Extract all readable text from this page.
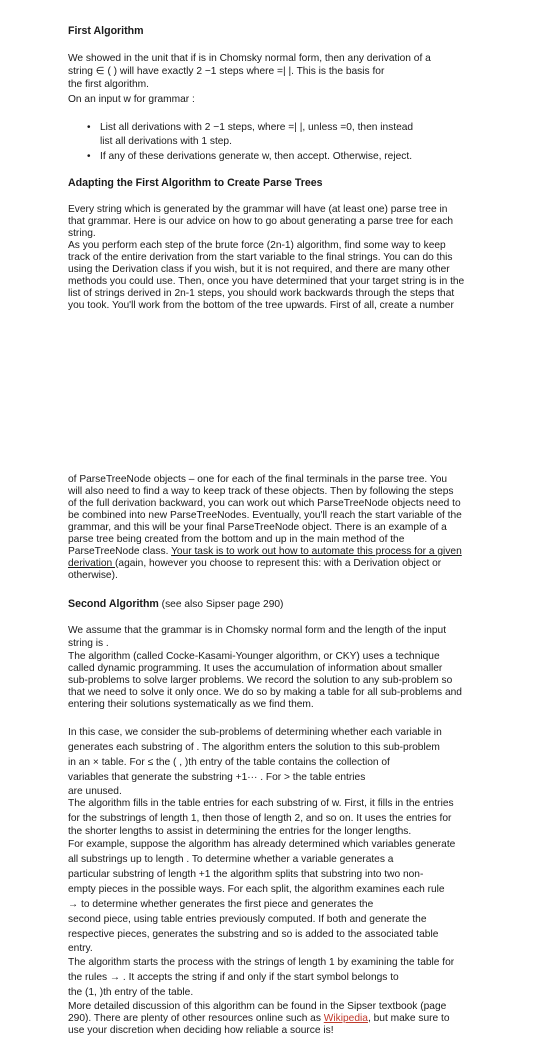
First Algorithm
We showed in the unit that if is in Chomsky normal form, then any derivation of a
string ∈ ( ) will have exactly 2 −1 steps where =| |. This is the basis for
the first algorithm.
On an input w for grammar :
• List all derivations with 2 −1 steps, where =| |, unless =0, then instead
list all derivations with 1 step.
• If any of these derivations generate w, then accept. Otherwise, reject.
Adapting the First Algorithm to Create Parse Trees
Every string which is generated by the grammar will have (at least one) parse tree in
that grammar. Here is our advice on how to go about generating a parse tree for each
string.
As you perform each step of the brute force (2n-1) algorithm, find some way to keep
track of the entire derivation from the start variable to the final strings. You can do this
using the Derivation class if you wish, but it is not required, and there are many other
methods you could use. Then, once you have determined that your target string is in the
list of strings derived in 2n-1 steps, you should work backwards through the steps that
you took. You'll work from the bottom of the tree upwards. First of all, create a number
of ParseTreeNode objects – one for each of the final terminals in the parse tree. You
will also need to find a way to keep track of these objects. Then by following the steps
of the full derivation backward, you can work out which ParseTreeNode objects need to
be combined into new ParseTreeNodes. Eventually, you'll reach the start variable of the
grammar, and this will be your final ParseTreeNode object. There is an example of a
parse tree being created from the bottom and up in the main method of the
ParseTreeNode class. Your task is to work out how to automate this process for a given
derivation (again, however you choose to represent this: with a Derivation object or
otherwise).
Second Algorithm (see also Sipser page 290)
We assume that the grammar is in Chomsky normal form and the length of the input
string is .
The algorithm (called Cocke-Kasami-Younger algorithm, or CKY) uses a technique
called dynamic programming. It uses the accumulation of information about smaller
sub-problems to solve larger problems. We record the solution to any sub-problem so
that we need to solve it only once. We do so by making a table for all sub-problems and
entering their solutions systematically as we find them.
In this case, we consider the sub-problems of determining whether each variable in
generates each substring of . The algorithm enters the solution to this sub-problem
in an × table. For ≤ the ( , )th entry of the table contains the collection of
variables that generate the substring +1··· . For > the table entries
are unused.
The algorithm fills in the table entries for each substring of w. First, it fills in the entries
for the substrings of length 1, then those of length 2, and so on. It uses the entries for
the shorter lengths to assist in determining the entries for the longer lengths.
For example, suppose the algorithm has already determined which variables generate
all substrings up to length . To determine whether a variable generates a
particular substring of length +1 the algorithm splits that substring into two non-
empty pieces in the possible ways. For each split, the algorithm examines each rule
→ to determine whether generates the first piece and generates the
second piece, using table entries previously computed. If both and generate the
respective pieces, generates the substring and so is added to the associated table
entry.
The algorithm starts the process with the strings of length 1 by examining the table for
the rules → . It accepts the string if and only if the start symbol belongs to
the (1, )th entry of the table.
More detailed discussion of this algorithm can be found in the Sipser textbook (page
290). There are plenty of other resources online such as Wikipedia, but make sure to
use your discretion when deciding how reliable a source is!
